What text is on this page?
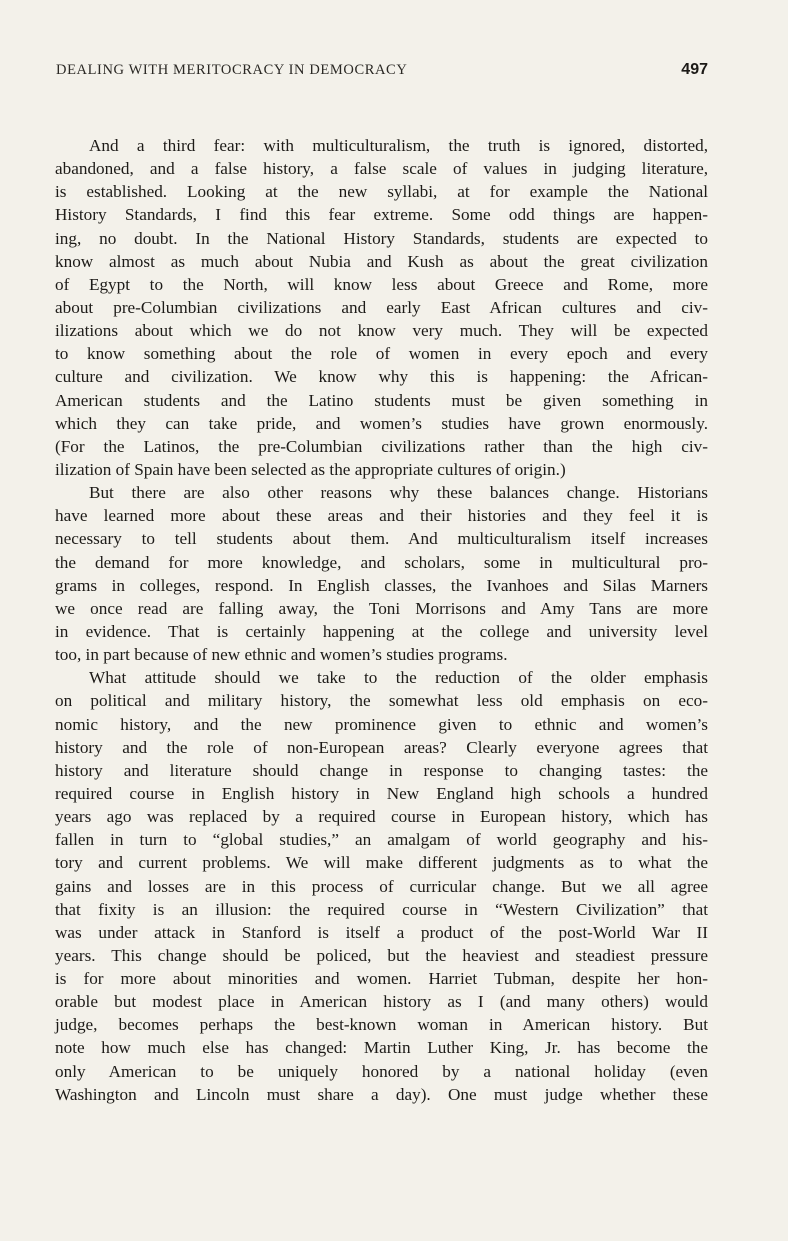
DEALING WITH MERITOCRACY IN DEMOCRACY	497
And a third fear: with multiculturalism, the truth is ignored, distorted,
abandoned, and a false history, a false scale of values in judging literature,
is established. Looking at the new syllabi, at for example the National
History Standards, I find this fear extreme. Some odd things are happen-
ing, no doubt. In the National History Standards, students are expected to
know almost as much about Nubia and Kush as about the great civilization
of Egypt to the North, will know less about Greece and Rome, more
about pre-Columbian civilizations and early East African cultures and civ-
ilizations about which we do not know very much. They will be expected
to know something about the role of women in every epoch and every
culture and civilization. We know why this is happening: the African-
American students and the Latino students must be given something in
which they can take pride, and women’s studies have grown enormously.
(For the Latinos, the pre-Columbian civilizations rather than the high civ-
ilization of Spain have been selected as the appropriate cultures of origin.)
But there are also other reasons why these balances change. Historians
have learned more about these areas and their histories and they feel it is
necessary to tell students about them. And multiculturalism itself increases
the demand for more knowledge, and scholars, some in multicultural pro-
grams in colleges, respond. In English classes, the Ivanhoes and Silas Marners
we once read are falling away, the Toni Morrisons and Amy Tans are more
in evidence. That is certainly happening at the college and university level
too, in part because of new ethnic and women’s studies programs.
What attitude should we take to the reduction of the older emphasis
on political and military history, the somewhat less old emphasis on eco-
nomic history, and the new prominence given to ethnic and women’s
history and the role of non-European areas? Clearly everyone agrees that
history and literature should change in response to changing tastes: the
required course in English history in New England high schools a hundred
years ago was replaced by a required course in European history, which has
fallen in turn to “global studies,” an amalgam of world geography and his-
tory and current problems. We will make different judgments as to what the
gains and losses are in this process of curricular change. But we all agree
that fixity is an illusion: the required course in “Western Civilization” that
was under attack in Stanford is itself a product of the post-World War II
years. This change should be policed, but the heaviest and steadiest pressure
is for more about minorities and women. Harriet Tubman, despite her hon-
orable but modest place in American history as I (and many others) would
judge, becomes perhaps the best-known woman in American history. But
note how much else has changed: Martin Luther King, Jr. has become the
only American to be uniquely honored by a national holiday (even
Washington and Lincoln must share a day). One must judge whether these
